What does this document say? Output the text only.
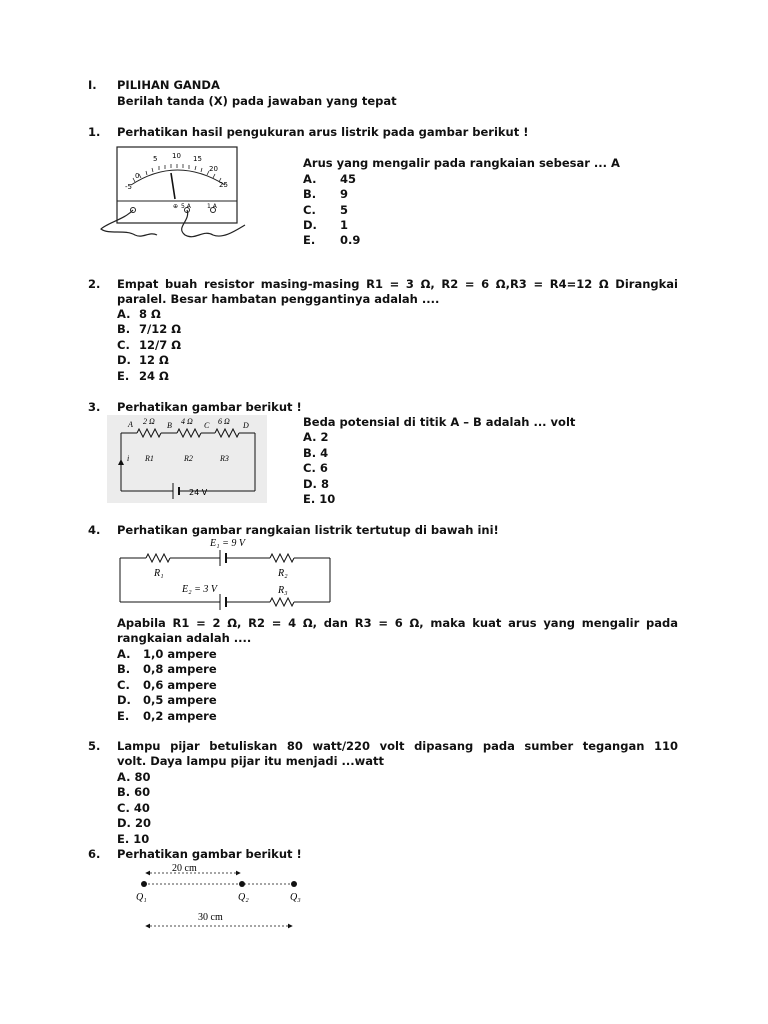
I. PILIHAN GANDA
Berilah tanda (X) pada jawaban yang tepat
1. Perhatikan hasil pengukuran arus listrik pada gambar berikut !
-5
0
5 10 15
20
25
⊕ 5 A	1 A
Arus yang mengalir pada rangkaian sebesar ... A
A. 45
B. 9
C. 5
D. 1
E. 0.9
2. Empat buah resistor masing-masing R1 = 3 Ω, R2 = 6 Ω,R3 = R4=12 Ω Dirangkai
paralel. Besar hambatan penggantinya adalah ....
A. 8 Ω
B. 7/12 Ω
C. 12/7 Ω
D. 12 Ω
E. 24 Ω
3. Perhatikan gambar berikut !
A 2 Ω B 4 Ω C 6 Ω D
i R1	R2	R3
24 V
Beda potensial di titik A – B adalah ... volt
A. 2
B. 4
C. 6
D. 8
E. 10
4. Perhatikan gambar rangkaian listrik tertutup di bawah ini!
E₁ = 9 V
R₁	R₂
E₂ = 3 V	R₃
Apabila R1 = 2 Ω, R2 = 4 Ω, dan R3 = 6 Ω, maka kuat arus yang mengalir pada
rangkaian adalah ....
A. 1,0 ampere
B. 0,8 ampere
C. 0,6 ampere
D. 0,5 ampere
E. 0,2 ampere
5. Lampu pijar betuliskan 80 watt/220 volt dipasang pada sumber tegangan 110
volt. Daya lampu pijar itu menjadi ...watt
A. 80
B. 60
C. 40
D. 20
E. 10
6. Perhatikan gambar berikut !
20 cm
Q₁	Q₂	Q₃
30 cm
